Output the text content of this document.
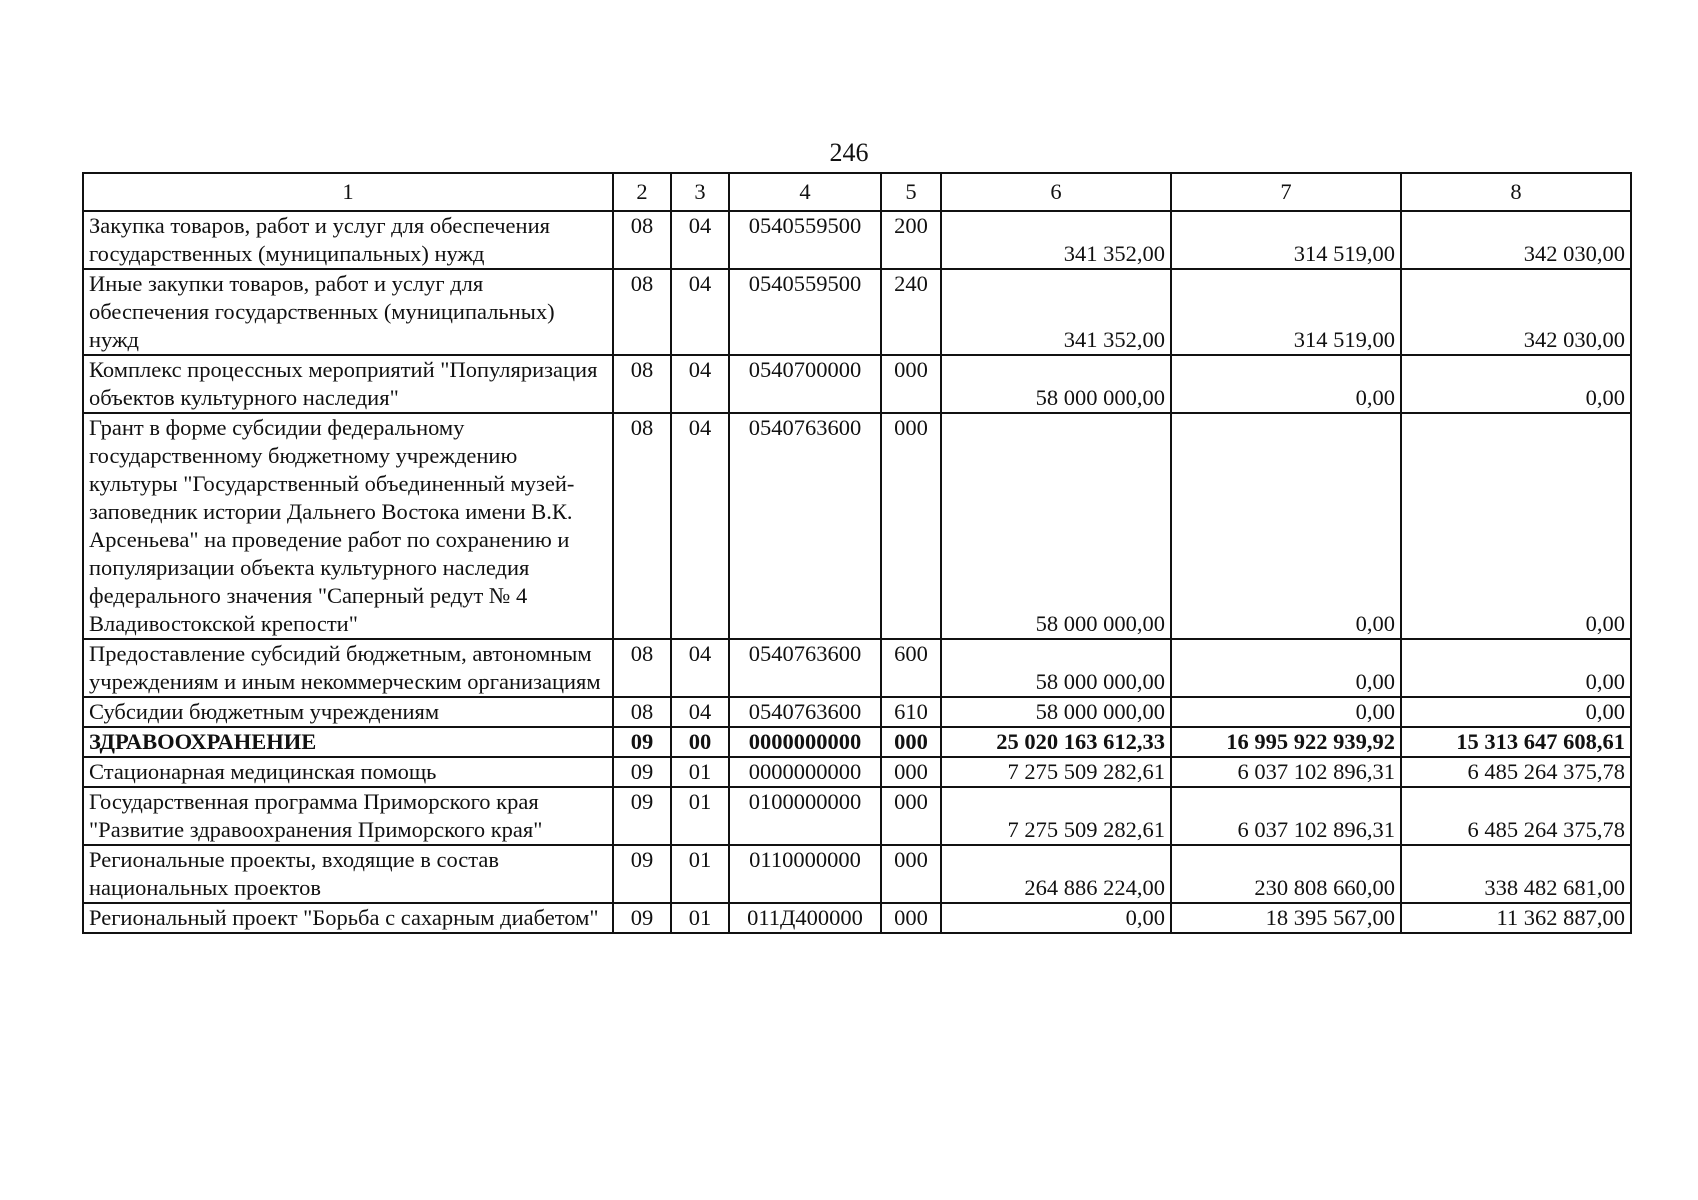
246
1	2	3	4	5	6	7	8
Закупка товаров, работ и услуг для обеспечения государственных (муниципальных) нужд	08	04	0540559500	200	341 352,00	314 519,00	342 030,00
Иные закупки товаров, работ и услуг для обеспечения государственных (муниципальных) нужд	08	04	0540559500	240	341 352,00	314 519,00	342 030,00
Комплекс процессных мероприятий "Популяризация объектов культурного наследия"	08	04	0540700000	000	58 000 000,00	0,00	0,00
Грант в форме субсидии федеральному государственному бюджетному учреждению культуры "Государственный объединенный музей-заповедник истории Дальнего Востока имени В.К. Арсеньева" на проведение работ по сохранению и популяризации объекта культурного наследия федерального значения "Саперный редут № 4 Владивостокской крепости"	08	04	0540763600	000	58 000 000,00	0,00	0,00
Предоставление субсидий бюджетным, автономным учреждениям и иным некоммерческим организациям	08	04	0540763600	600	58 000 000,00	0,00	0,00
Субсидии бюджетным учреждениям	08	04	0540763600	610	58 000 000,00	0,00	0,00
ЗДРАВООХРАНЕНИЕ	09	00	0000000000	000	25 020 163 612,33	16 995 922 939,92	15 313 647 608,61
Стационарная медицинская помощь	09	01	0000000000	000	7 275 509 282,61	6 037 102 896,31	6 485 264 375,78
Государственная программа Приморского края "Развитие здравоохранения Приморского края"	09	01	0100000000	000	7 275 509 282,61	6 037 102 896,31	6 485 264 375,78
Региональные проекты, входящие в состав национальных проектов	09	01	0110000000	000	264 886 224,00	230 808 660,00	338 482 681,00
Региональный проект "Борьба с сахарным диабетом"	09	01	011Д400000	000	0,00	18 395 567,00	11 362 887,00
